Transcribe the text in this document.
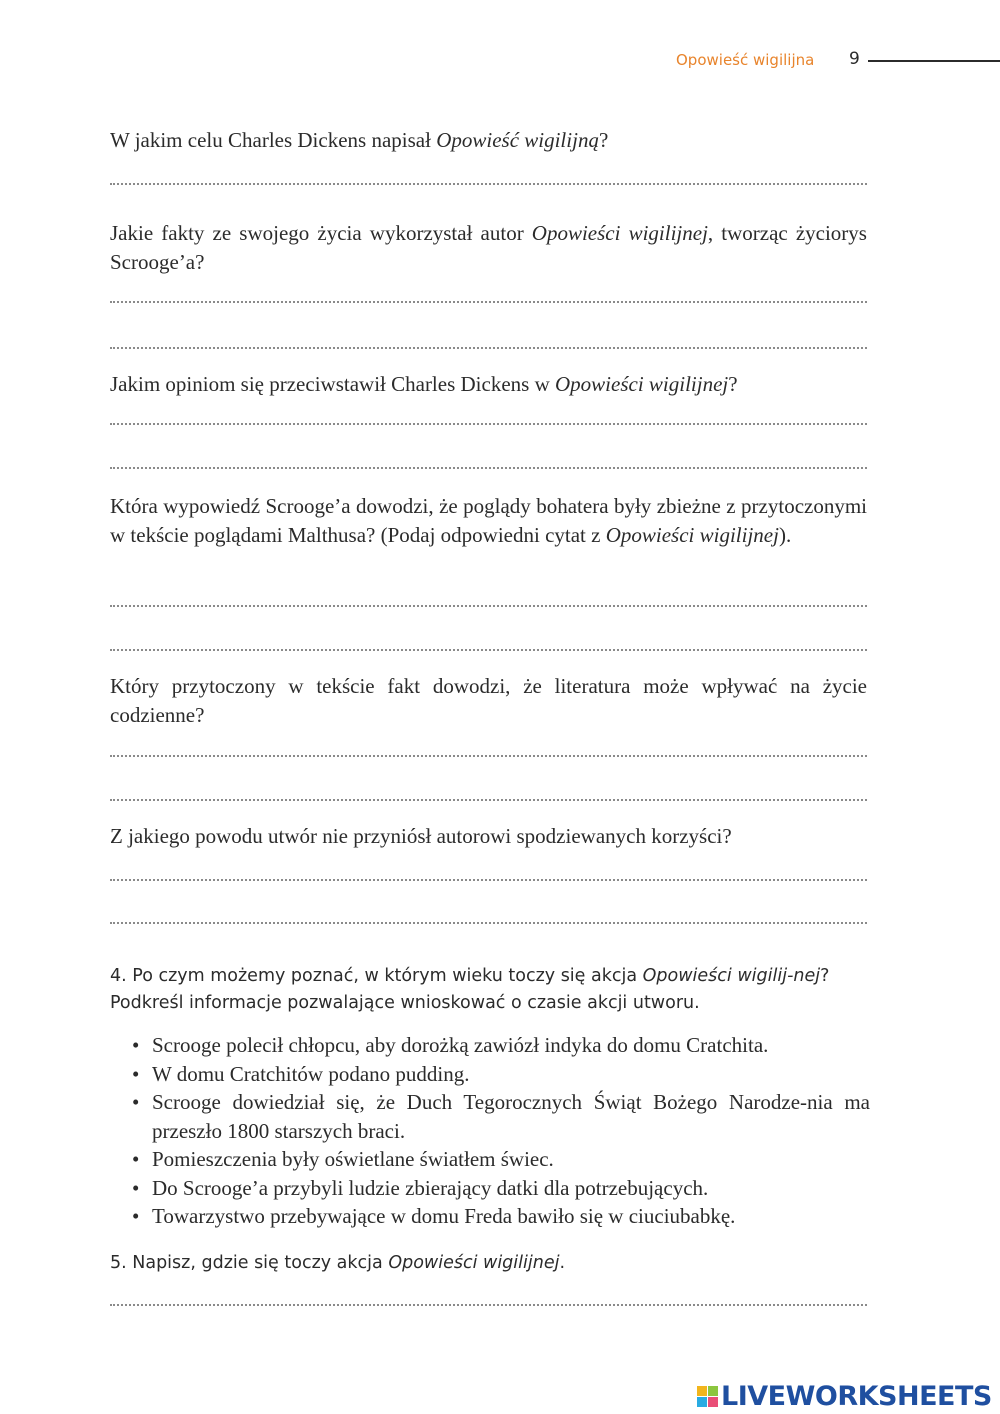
Opowieść wigilijna 9

W jakim celu Charles Dickens napisał Opowieść wigilijną?

Jakie fakty ze swojego życia wykorzystał autor Opowieści wigilijnej, tworząc życiorys Scrooge’a?

Jakim opiniom się przeciwstawił Charles Dickens w Opowieści wigilijnej?

Która wypowiedź Scrooge’a dowodzi, że poglądy bohatera były zbieżne z przytoczonymi w tekście poglądami Malthusa? (Podaj odpowiedni cytat z Opowieści wigilijnej).

Który przytoczony w tekście fakt dowodzi, że literatura może wpływać na życie codzienne?

Z jakiego powodu utwór nie przyniósł autorowi spodziewanych korzyści?

4. Po czym możemy poznać, w którym wieku toczy się akcja Opowieści wigilij-nej? Podkreśl informacje pozwalające wnioskować o czasie akcji utworu.

• Scrooge polecił chłopcu, aby dorożką zawiózł indyka do domu Cratchita.
• W domu Cratchitów podano pudding.
• Scrooge dowiedział się, że Duch Tegorocznych Świąt Bożego Narodze-nia ma przeszło 1800 starszych braci.
• Pomieszczenia były oświetlane światłem świec.
• Do Scrooge’a przybyli ludzie zbierający datki dla potrzebujących.
• Towarzystwo przebywające w domu Freda bawiło się w ciuciubabkę.

5. Napisz, gdzie się toczy akcja Opowieści wigilijnej.

LIVEWORKSHEETS
